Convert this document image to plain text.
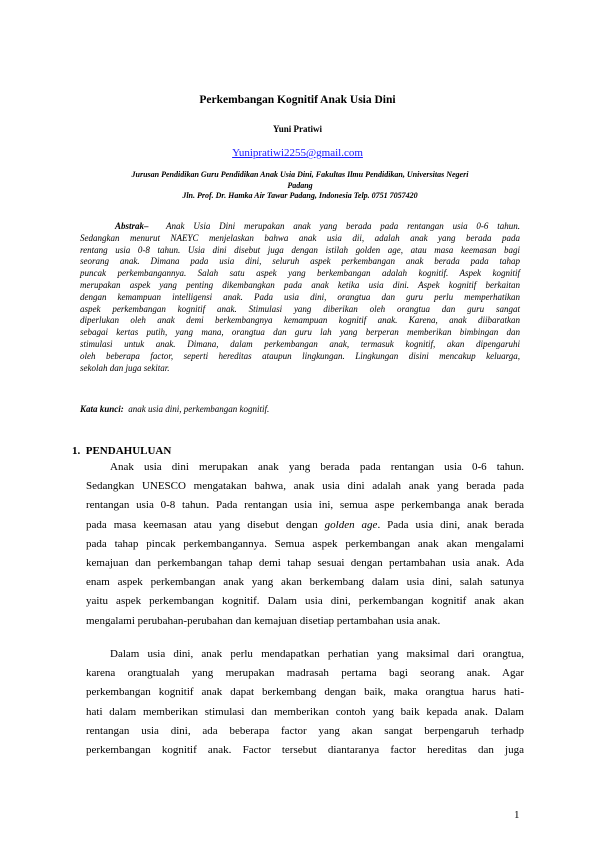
Perkembangan Kognitif Anak Usia Dini
Yuni Pratiwi
Yunipratiwi2255@gmail.com
Jurusan Pendidikan Guru Pendidikan Anak Usia Dini, Fakultas Ilmu Pendidikan, Universitas Negeri
Padang
Jln. Prof. Dr. Hamka Air Tawar Padang, Indonesia Telp. 0751 7057420
Abstrak– Anak Usia Dini merupakan anak yang berada pada rentangan usia 0-6 tahun.
Sedangkan menurut NAEYC menjelaskan bahwa anak usia dii, adalah anak yang berada pada
rentang usia 0-8 tahun. Usia dini disebut juga dengan istilah golden age, atau masa keemasan bagi
seorang anak. Dimana pada usia dini, seluruh aspek perkembangan anak berada pada tahap
puncak perkembangannya. Salah satu aspek yang berkembangan adalah kognitif. Aspek kognitif
merupakan aspek yang penting dikembangkan pada anak ketika usia dini. Aspek kognitif berkaitan
dengan kemampuan intelligensi anak. Pada usia dini, orangtua dan guru perlu memperhatikan
aspek perkembangan kognitif anak. Stimulasi yang diberikan oleh orangtua dan guru sangat
diperlukan oleh anak demi berkembangnya kemampuan kognitif anak. Karena, anak diibaratkan
sebagai kertas putih, yang mana, orangtua dan guru lah yang berperan memberikan bimbingan dan
stimulasi untuk anak. Dimana, dalam perkembangan anak, termasuk kognitif, akan dipengaruhi
oleh beberapa factor, seperti hereditas ataupun lingkungan. Lingkungan disini mencakup keluarga,
sekolah dan juga sekitar.
Kata kunci: anak usia dini, perkembangan kognitif.
1. PENDAHULUAN
Anak usia dini merupakan anak yang berada pada rentangan usia 0-6 tahun.
Sedangkan UNESCO mengatakan bahwa, anak usia dini adalah anak yang berada pada
rentangan usia 0-8 tahun. Pada rentangan usia ini, semua aspe perkembanga anak berada
pada masa keemasan atau yang disebut dengan golden age. Pada usia dini, anak berada
pada tahap pincak perkembangannya. Semua aspek perkembangan anak akan mengalami
kemajuan dan perkembangan tahap demi tahap sesuai dengan pertambahan usia anak. Ada
enam aspek perkembangan anak yang akan berkembang dalam usia dini, salah satunya
yaitu aspek perkembangan kognitif. Dalam usia dini, perkembangan kognitif anak akan
mengalami perubahan-perubahan dan kemajuan disetiap pertambahan usia anak.
Dalam usia dini, anak perlu mendapatkan perhatian yang maksimal dari orangtua,
karena orangtualah yang merupakan madrasah pertama bagi seorang anak. Agar
perkembangan kognitif anak dapat berkembang dengan baik, maka orangtua harus hati-
hati dalam memberikan stimulasi dan memberikan contoh yang baik kepada anak. Dalam
rentangan usia dini, ada beberapa factor yang akan sangat berpengaruh terhadp
perkembangan kognitif anak. Factor tersebut diantaranya factor hereditas dan juga
1
